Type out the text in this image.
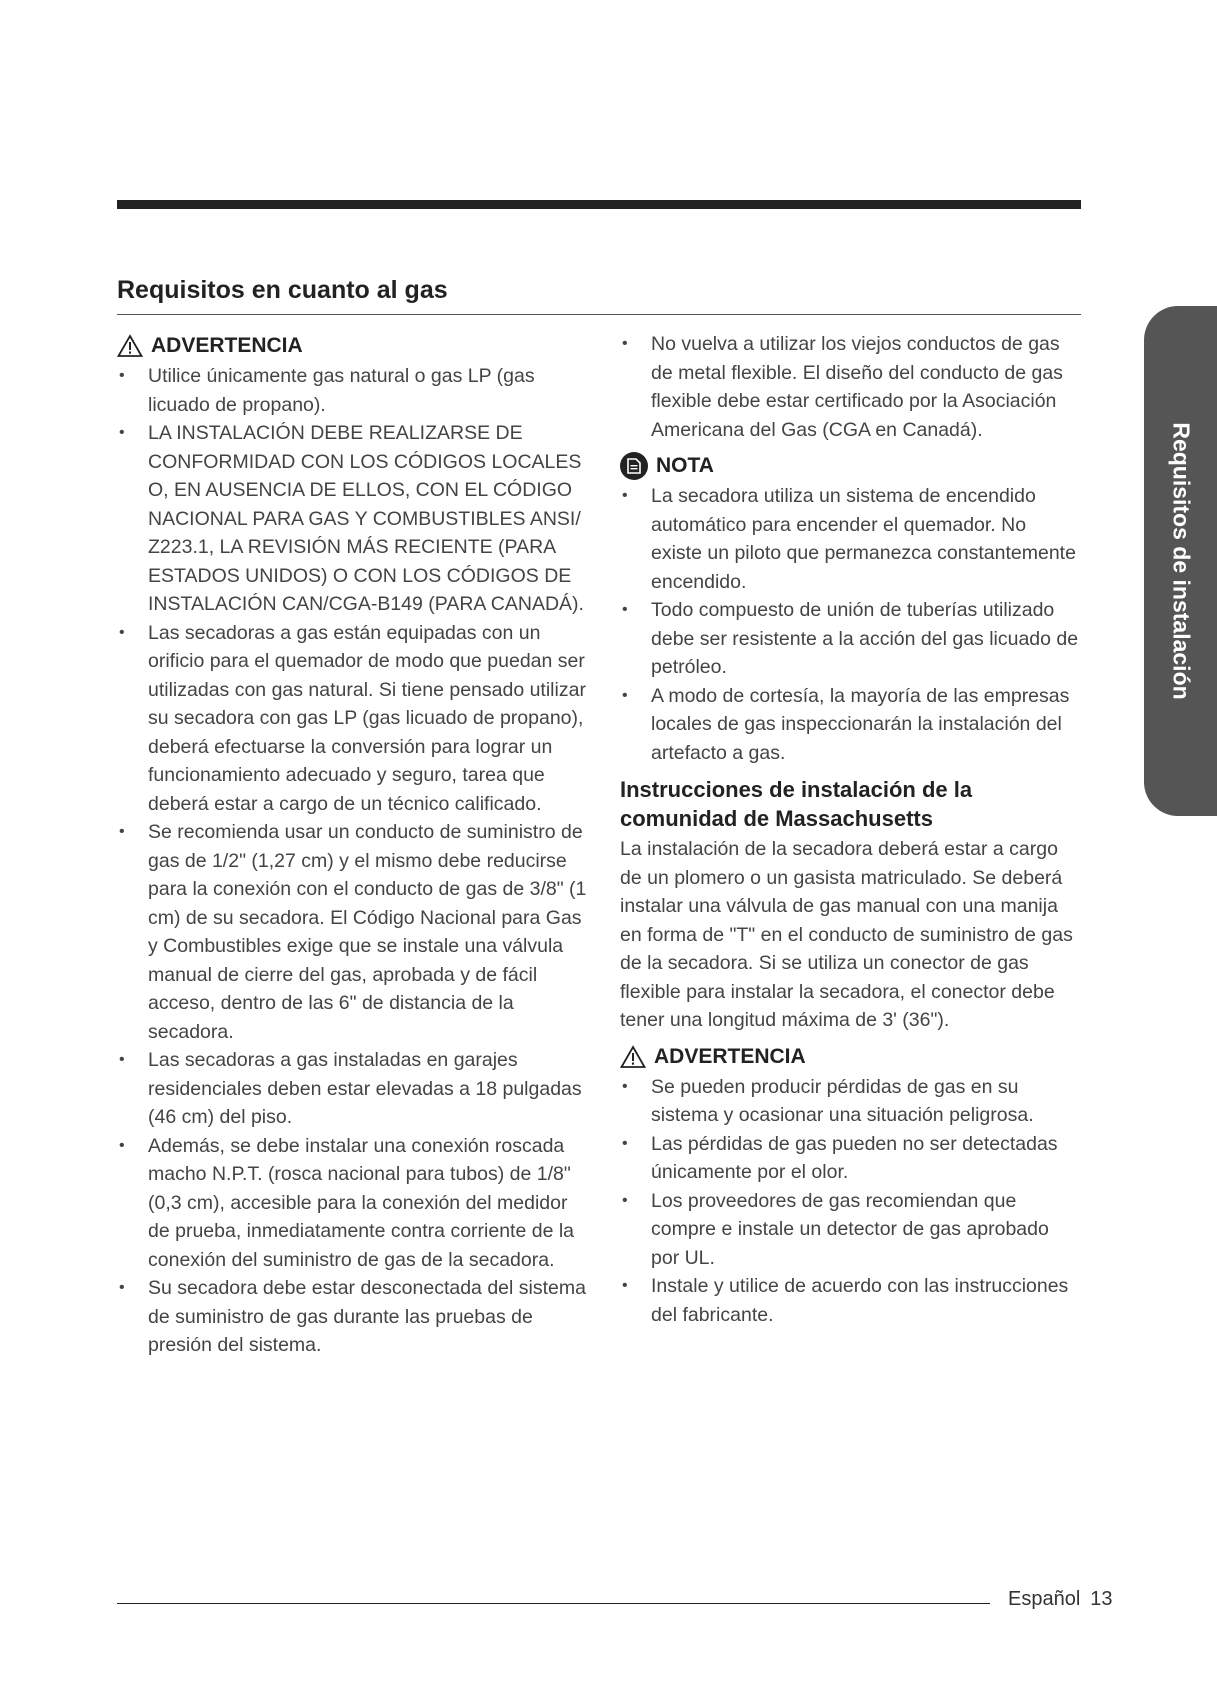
Requisitos en cuanto al gas
ADVERTENCIA
• Utilice únicamente gas natural o gas LP (gas licuado de propano).
• LA INSTALACIÓN DEBE REALIZARSE DE CONFORMIDAD CON LOS CÓDIGOS LOCALES O, EN AUSENCIA DE ELLOS, CON EL CÓDIGO NACIONAL PARA GAS Y COMBUSTIBLES ANSI/ Z223.1, LA REVISIÓN MÁS RECIENTE (PARA ESTADOS UNIDOS) O CON LOS CÓDIGOS DE INSTALACIÓN CAN/CGA-B149 (PARA CANADÁ).
• Las secadoras a gas están equipadas con un orificio para el quemador de modo que puedan ser utilizadas con gas natural. Si tiene pensado utilizar su secadora con gas LP (gas licuado de propano), deberá efectuarse la conversión para lograr un funcionamiento adecuado y seguro, tarea que deberá estar a cargo de un técnico calificado.
• Se recomienda usar un conducto de suministro de gas de 1/2" (1,27 cm) y el mismo debe reducirse para la conexión con el conducto de gas de 3/8" (1 cm) de su secadora. El Código Nacional para Gas y Combustibles exige que se instale una válvula manual de cierre del gas, aprobada y de fácil acceso, dentro de las 6" de distancia de la secadora.
• Las secadoras a gas instaladas en garajes residenciales deben estar elevadas a 18 pulgadas (46 cm) del piso.
• Además, se debe instalar una conexión roscada macho N.P.T. (rosca nacional para tubos) de 1/8" (0,3 cm), accesible para la conexión del medidor de prueba, inmediatamente contra corriente de la conexión del suministro de gas de la secadora.
• Su secadora debe estar desconectada del sistema de suministro de gas durante las pruebas de presión del sistema.
• No vuelva a utilizar los viejos conductos de gas de metal flexible. El diseño del conducto de gas flexible debe estar certificado por la Asociación Americana del Gas (CGA en Canadá).
NOTA
• La secadora utiliza un sistema de encendido automático para encender el quemador. No existe un piloto que permanezca constantemente encendido.
• Todo compuesto de unión de tuberías utilizado debe ser resistente a la acción del gas licuado de petróleo.
• A modo de cortesía, la mayoría de las empresas locales de gas inspeccionarán la instalación del artefacto a gas.
Instrucciones de instalación de la comunidad de Massachusetts

La instalación de la secadora deberá estar a cargo de un plomero o un gasista matriculado. Se deberá instalar una válvula de gas manual con una manija en forma de "T" en el conducto de suministro de gas de la secadora. Si se utiliza un conector de gas flexible para instalar la secadora, el conector debe tener una longitud máxima de 3' (36").

ADVERTENCIA
• Se pueden producir pérdidas de gas en su sistema y ocasionar una situación peligrosa.
• Las pérdidas de gas pueden no ser detectadas únicamente por el olor.
• Los proveedores de gas recomiendan que compre e instale un detector de gas aprobado por UL.
• Instale y utilice de acuerdo con las instrucciones del fabricante.
Requisitos de instalación
Español 13
